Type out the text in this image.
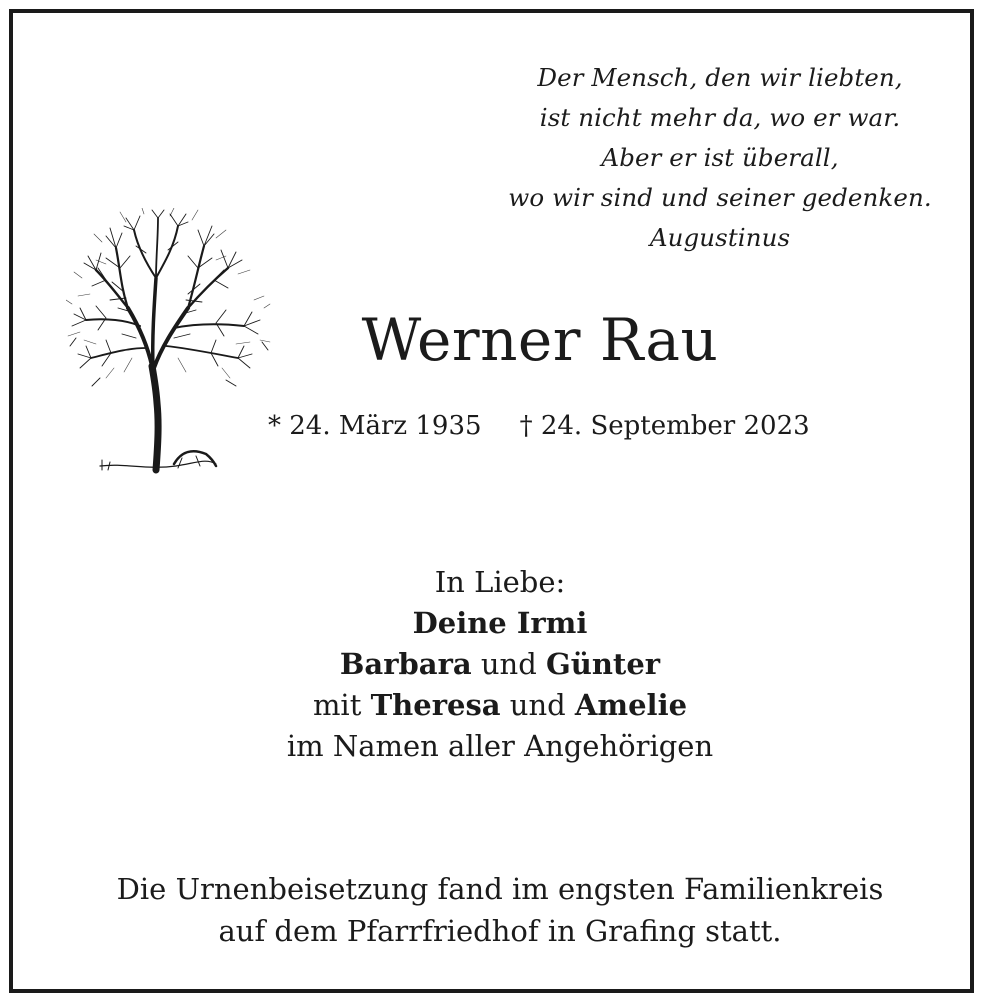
Der Mensch, den wir liebten,
ist nicht mehr da, wo er war.
Aber er ist überall,
wo wir sind und seiner gedenken.
Augustinus
Werner Rau
* 24. März 1935 † 24. September 2023
In Liebe:
Deine Irmi
Barbara und Günter
mit Theresa und Amelie
im Namen aller Angehörigen
Die Urnenbeisetzung fand im engsten Familienkreis
auf dem Pfarrfriedhof in Grafing statt.
